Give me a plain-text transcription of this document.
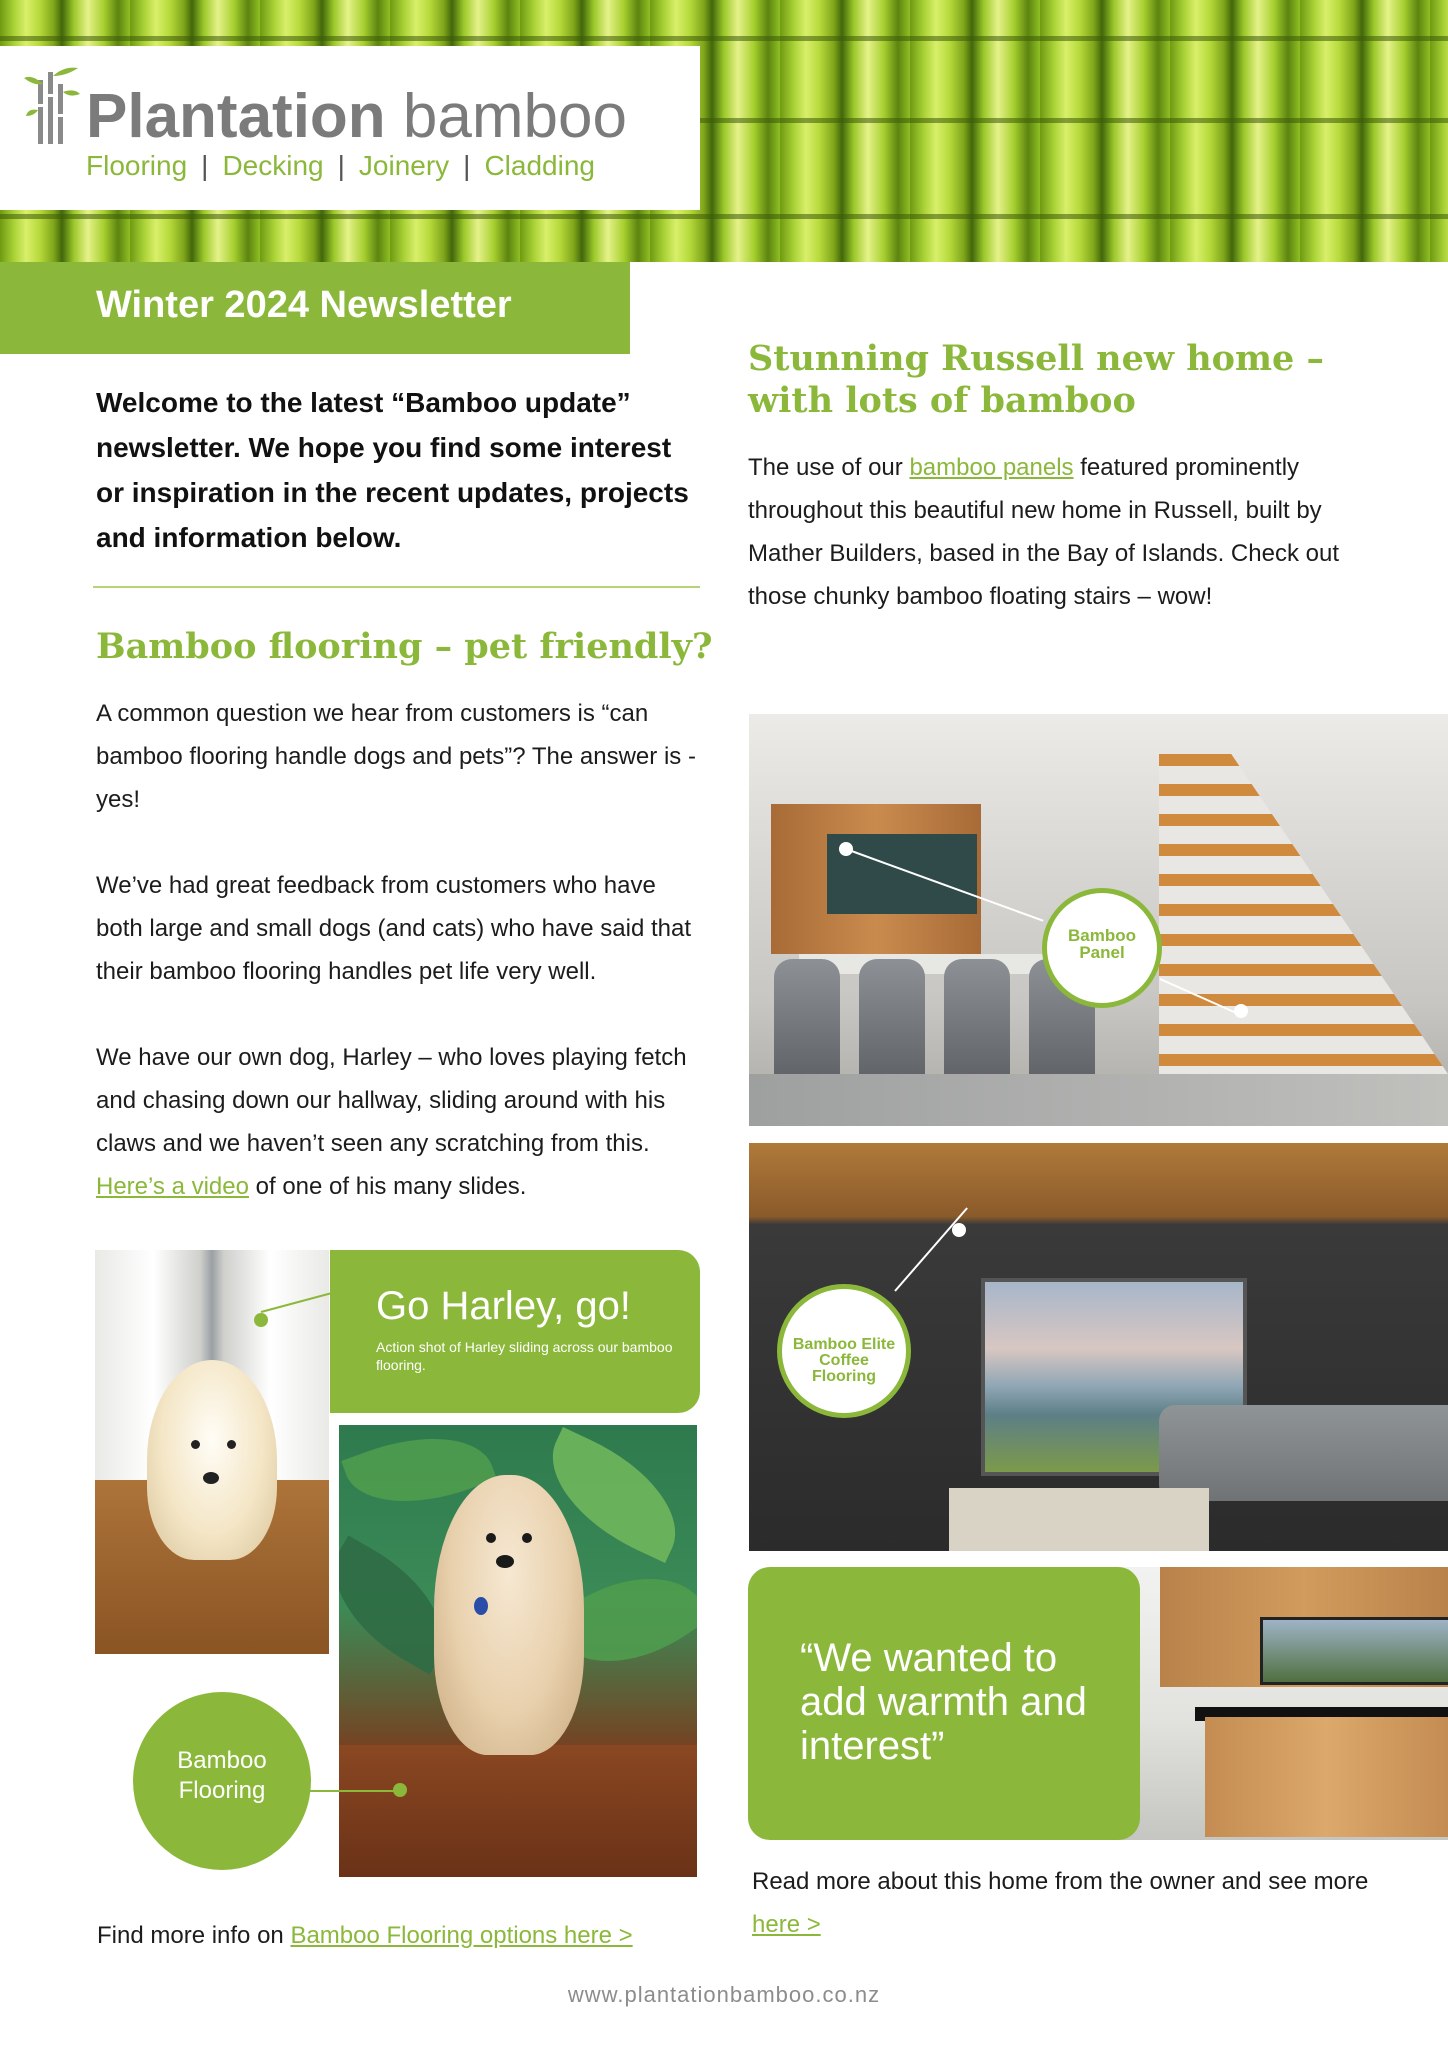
Plantation bamboo
Flooring | Decking | Joinery | Cladding
Winter 2024 Newsletter
Welcome to the latest “Bamboo update” newsletter. We hope you find some interest or inspiration in the recent updates, projects and information below.
Bamboo flooring – pet friendly?
A common question we hear from customers is “can bamboo flooring handle dogs and pets”? The answer is - yes!
We’ve had great feedback from customers who have both large and small dogs (and cats) who have said that their bamboo flooring handles pet life very well.
We have our own dog, Harley – who loves playing fetch and chasing down our hallway, sliding around with his claws and we haven’t seen any scratching from this. Here’s a video of one of his many slides.
Go Harley, go!
Action shot of Harley sliding across our bamboo flooring.
Bamboo
Flooring
Find more info on Bamboo Flooring options here >
Stunning Russell new home – with lots of bamboo
The use of our bamboo panels featured prominently throughout this beautiful new home in Russell, built by Mather Builders, based in the Bay of Islands. Check out those chunky bamboo floating stairs – wow!
Bamboo
Panel
Bamboo Elite
Coffee
Flooring
“We wanted to add warmth and interest”
Read more about this home from the owner and see more here >
www.plantationbamboo.co.nz
